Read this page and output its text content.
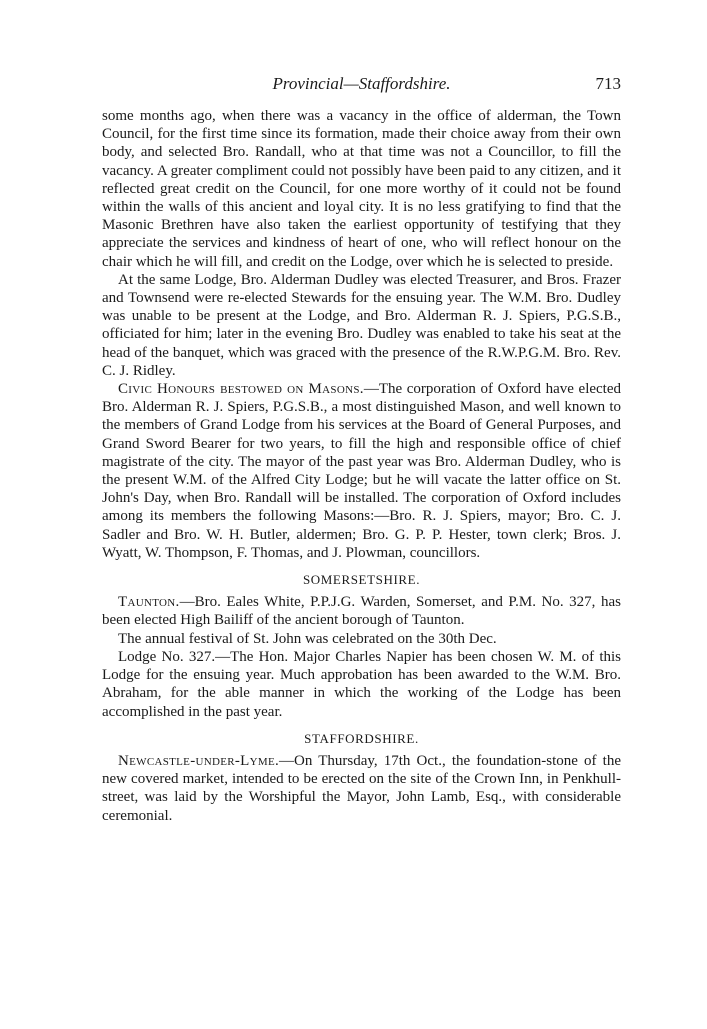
Provincial—Staffordshire.	713

some months ago, when there was a vacancy in the office of alderman, the Town Council, for the first time since its formation, made their choice away from their own body, and selected Bro. Randall, who at that time was not a Councillor, to fill the vacancy. A greater compliment could not possibly have been paid to any citizen, and it reflected great credit on the Council, for one more worthy of it could not be found within the walls of this ancient and loyal city. It is no less gratifying to find that the Masonic Brethren have also taken the earliest opportunity of testifying that they appreciate the services and kindness of heart of one, who will reflect honour on the chair which he will fill, and credit on the Lodge, over which he is selected to preside.

At the same Lodge, Bro. Alderman Dudley was elected Treasurer, and Bros. Frazer and Townsend were re-elected Stewards for the ensuing year. The W.M. Bro. Dudley was unable to be present at the Lodge, and Bro. Alderman R. J. Spiers, P.G.S.B., officiated for him; later in the evening Bro. Dudley was enabled to take his seat at the head of the banquet, which was graced with the presence of the R.W.P.G.M. Bro. Rev. C. J. Ridley.

Civic Honours bestowed on Masons.—The corporation of Oxford have elected Bro. Alderman R. J. Spiers, P.G.S.B., a most distinguished Mason, and well known to the members of Grand Lodge from his services at the Board of General Purposes, and Grand Sword Bearer for two years, to fill the high and responsible office of chief magistrate of the city. The mayor of the past year was Bro. Alderman Dudley, who is the present W.M. of the Alfred City Lodge; but he will vacate the latter office on St. John's Day, when Bro. Randall will be installed. The corporation of Oxford includes among its members the following Masons:—Bro. R. J. Spiers, mayor; Bro. C. J. Sadler and Bro. W. H. Butler, aldermen; Bro. G. P. P. Hester, town clerk; Bros. J. Wyatt, W. Thompson, F. Thomas, and J. Plowman, councillors.

SOMERSETSHIRE.

Taunton.—Bro. Eales White, P.P.J.G. Warden, Somerset, and P.M. No. 327, has been elected High Bailiff of the ancient borough of Taunton.

The annual festival of St. John was celebrated on the 30th Dec.

Lodge No. 327.—The Hon. Major Charles Napier has been chosen W. M. of this Lodge for the ensuing year. Much approbation has been awarded to the W.M. Bro. Abraham, for the able manner in which the working of the Lodge has been accomplished in the past year.

STAFFORDSHIRE.

Newcastle-under-Lyme.—On Thursday, 17th Oct., the foundation-stone of the new covered market, intended to be erected on the site of the Crown Inn, in Penkhull-street, was laid by the Worshipful the Mayor, John Lamb, Esq., with considerable ceremonial.
